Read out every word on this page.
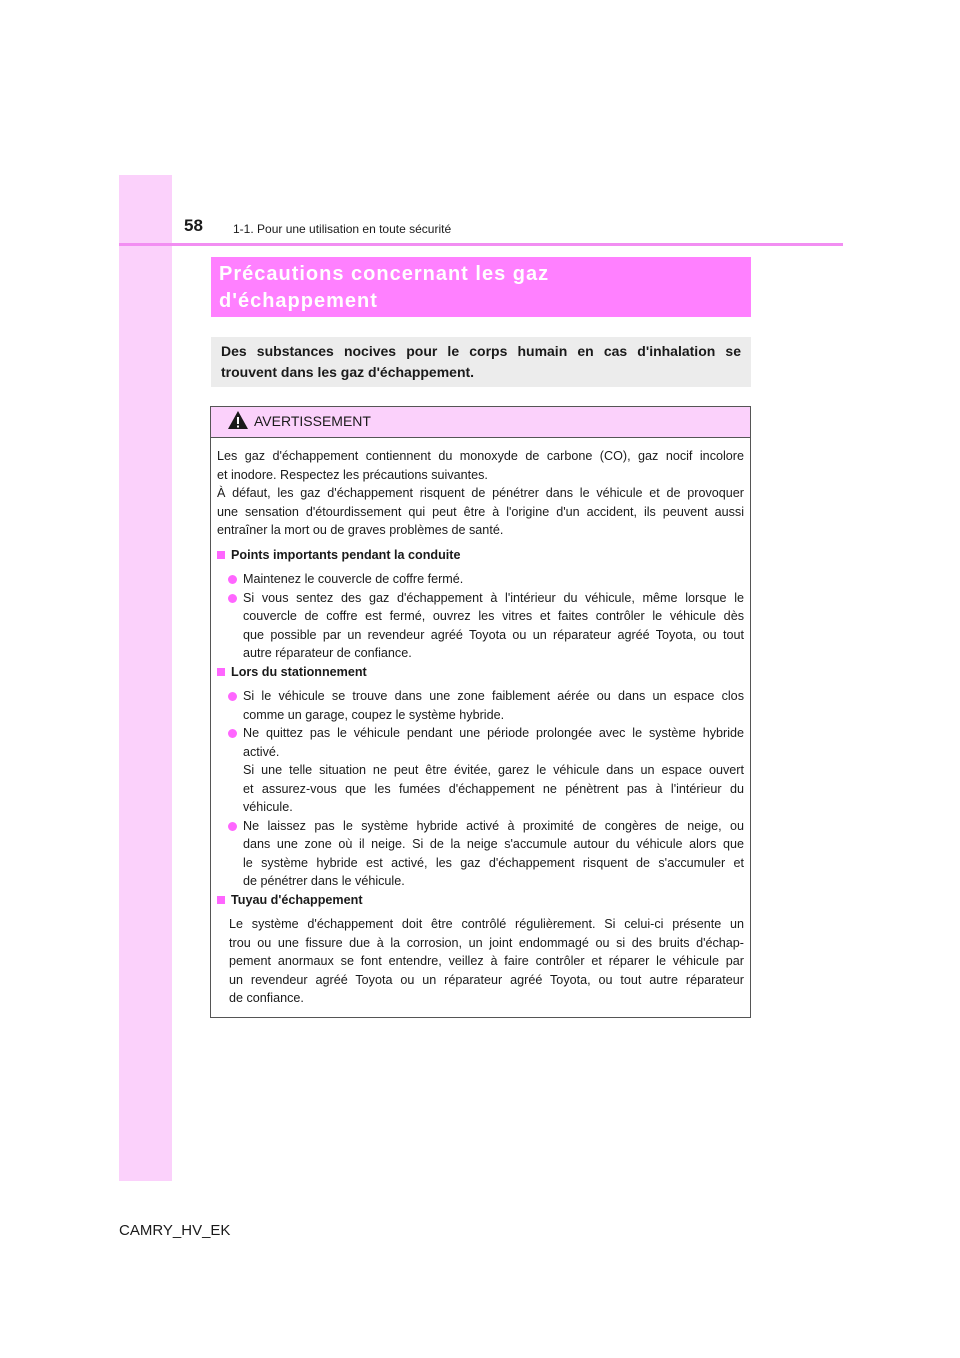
58	1-1. Pour une utilisation en toute sécurité
Précautions concernant les gaz
d'échappement
Des substances nocives pour le corps humain en cas d'inhalation se
trouvent dans les gaz d'échappement.
AVERTISSEMENT

Les gaz d'échappement contiennent du monoxyde de carbone (CO), gaz nocif incolore
et inodore. Respectez les précautions suivantes.
À défaut, les gaz d'échappement risquent de pénétrer dans le véhicule et de provoquer
une sensation d'étourdissement qui peut être à l'origine d'un accident, ils peuvent aussi
entraîner la mort ou de graves problèmes de santé.

Points importants pendant la conduite

Maintenez le couvercle de coffre fermé.

Si vous sentez des gaz d'échappement à l'intérieur du véhicule, même lorsque le
couvercle de coffre est fermé, ouvrez les vitres et faites contrôler le véhicule dès
que possible par un revendeur agréé Toyota ou un réparateur agréé Toyota, ou tout
autre réparateur de confiance.

Lors du stationnement

Si le véhicule se trouve dans une zone faiblement aérée ou dans un espace clos
comme un garage, coupez le système hybride.

Ne quittez pas le véhicule pendant une période prolongée avec le système hybride
activé.
Si une telle situation ne peut être évitée, garez le véhicule dans un espace ouvert
et assurez-vous que les fumées d'échappement ne pénètrent pas à l'intérieur du
véhicule.

Ne laissez pas le système hybride activé à proximité de congères de neige, ou
dans une zone où il neige. Si de la neige s'accumule autour du véhicule alors que
le système hybride est activé, les gaz d'échappement risquent de s'accumuler et
de pénétrer dans le véhicule.

Tuyau d'échappement

Le système d'échappement doit être contrôlé régulièrement. Si celui-ci présente un
trou ou une fissure due à la corrosion, un joint endommagé ou si des bruits d'échap-
pement anormaux se font entendre, veillez à faire contrôler et réparer le véhicule par
un revendeur agréé Toyota ou un réparateur agréé Toyota, ou tout autre réparateur
de confiance.

CAMRY_HV_EK
